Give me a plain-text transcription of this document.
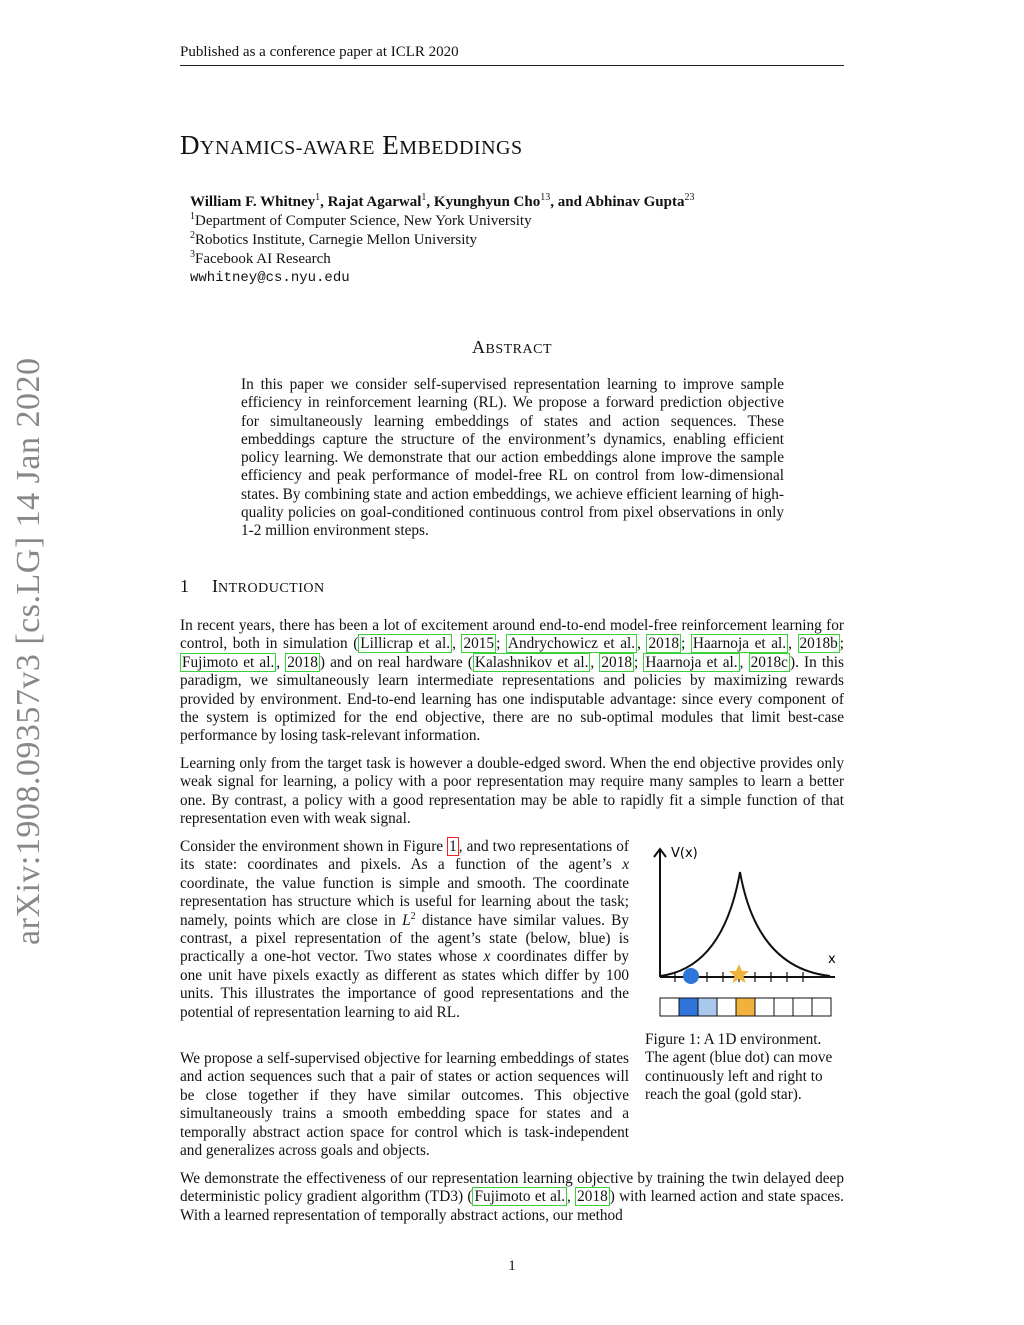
Published as a conference paper at ICLR 2020
DYNAMICS-AWARE EMBEDDINGS
William F. Whitney$^1$, Rajat Agarwal$^1$, Kyunghyun Cho$^{13}$, and Abhinav Gupta$^{23}$
$^1$Department of Computer Science, New York University
$^2$Robotics Institute, Carnegie Mellon University
$^3$Facebook AI Research
wwhitney@cs.nyu.edu
ABSTRACT
In this paper we consider self-supervised representation learning to improve sample efficiency in reinforcement learning (RL). We propose a forward prediction objective for simultaneously learning embeddings of states and action sequences. These embeddings capture the structure of the environment’s dynamics, enabling efficient policy learning. We demonstrate that our action embeddings alone improve the sample efficiency and peak performance of model-free RL on control from low-dimensional states. By combining state and action embeddings, we achieve efficient learning of high-quality policies on goal-conditioned continuous control from pixel observations in only 1-2 million environment steps.
arXiv:1908.09357v3 [cs.LG] 14 Jan 2020	1 INTRODUCTION
In recent years, there has been a lot of excitement around end-to-end model-free reinforcement learning for control, both in simulation ( Lillicrap et al. , 2015 ; Andrychowicz et al. , 2018 ; Haarnoja et al. , 2018b ; Fujimoto et al. , 2018 ) and on real hardware ( Kalashnikov et al. , 2018 ; Haarnoja et al. , 2018c ). In this paradigm, we simultaneously learn intermediate representations and policies by maximizing rewards provided by environment. End-to-end learning has one indisputable advantage: since every component of the system is optimized for the end objective, there are no sub-optimal modules that limit best-case performance by losing task-relevant information.
Learning only from the target task is however a double-edged sword. When the end objective provides only weak signal for learning, a policy with a poor representation may require many samples to learn a better one. By contrast, a policy with a good representation may be able to rapidly fit a simple function of that representation even with weak signal.
Consider the environment shown in Figure 1 , and two representations of its state: coordinates and pixels. As a function of the agent’s x coordinate, the value function is simple and smooth. The coordinate representation has structure which is useful for learning about the task; namely, points which are close in $L^2$ distance have similar values. By contrast, a pixel representation of the agent’s state (below, blue) is practically a one-hot vector. Two states whose x coordinates differ by one unit have pixels exactly as different as states which differ by 100 units. This illustrates the importance of good representations and the potential of representation learning to aid RL.
We propose a self-supervised objective for learning embeddings of states and action sequences such that a pair of states or action sequences will be close together if they have similar outcomes. This objective simultaneously trains a smooth embedding space for states and a temporally abstract action space for control which is task-independent and generalizes across goals and objects.
We demonstrate the effectiveness of our representation learning objective by training the twin delayed deep deterministic policy gradient algorithm (TD3) ( Fujimoto et al. , 2018 ) with learned action and state spaces. With a learned representation of temporally abstract actions, our method
V(x)
x
Figure 1: A 1D environment. The agent (blue dot) can move continuously left and right to reach the goal (gold star).
1
